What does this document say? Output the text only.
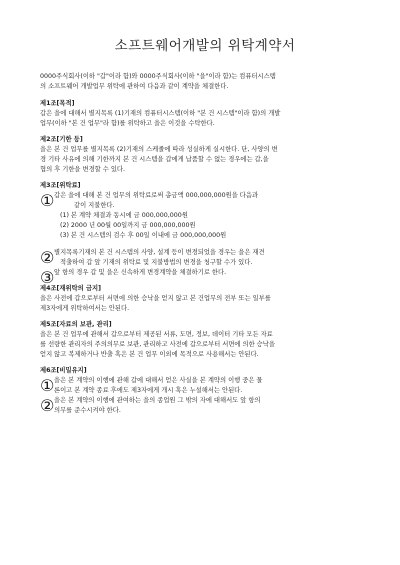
소프트웨어개발의 위탁계약서

0000주식회사(이하 "갑"이라 함)와 0000주식회사(이하 "을"이라 함)는 컴퓨터시스템

의 소프트웨어 개발업무 위탁에 관하여 다음과 같이 계약을 체결한다.

제1조[목적]

갑은 을에 대해서 별지목록 (1)기재의 컴퓨터시스템(이하 "본 건 시스템"이라 함)의 개발

업무(이하 "본 건 업무"라 함)를 위탁하고 을은 이것을 수탁한다.

제2조[기한 등]

을은 본 건 업무를 별지목록 (2)기재의 스케줄에 따라 성실하게 실시한다. 단, 사양의 변

경 기타 사유에 의해 기한까지 본 건 시스템을 갑에게 납품할 수 없는 경우에는 갑,을

협의 후 기한을 변경할 수 있다.

제3조[위탁료]

① 갑은 을에 대해 본 건 업무의 위탁료로써 총금액 000,000,000원을 다음과

같이 지불한다.

(1) 본 계약 체결과 동시에 금 000,000,000원

(2) 2000 년 00월 00일까지 금 000,000,000원

(3) 본 건 시스템의 검수 후 00일 이내에 금 000,000,000원

② 별지목록기재의 본 건 시스템의 사양, 설계 등이 변경되었을 경우는 을은 재견

적출하여 갑 앞 기재의 위탁료 및 지불방법의 변경을 청구할 수가 있다.

③ 앞 항의 경우 갑 및 을은 신속하게 변경계약을 체결하기로 한다.

제4조[재위탁의 금지]

을은 사전에 갑으로부터 서면에 의한 승낙을 얻지 않고 본 건업무의 전부 또는 일부를

제3자에게 위탁하여서는 안된다.

제5조[자료의 보관, 관리]

을은 본 건 업무에 관해서 갑으로부터 제공된 서류, 도면, 정보, 데이터 기타 모든 자료

를 선량한 관리자의 주의의무로 보관, 관리하고 사전에 갑으로부터 서면에 의한 승낙을

얻지 않고 복제하거나 반출 혹은 본 건 업무 이외에 목적으로 사용해서는 안된다.

제6조[비밀유지]

① 을은 본 계약의 이행에 관해 갑에 대해서 얻은 사실을 본 계약의 이행 중은 물

론이고 본 계약 종료 후에도 제3자에게 개시 혹은 누설해서는 안된다.

② 을은 본 계약의 이행에 관여하는 을의 종업원 그 밖의 자에 대해서도 앞 항의

의무를 준수시켜야 한다.
